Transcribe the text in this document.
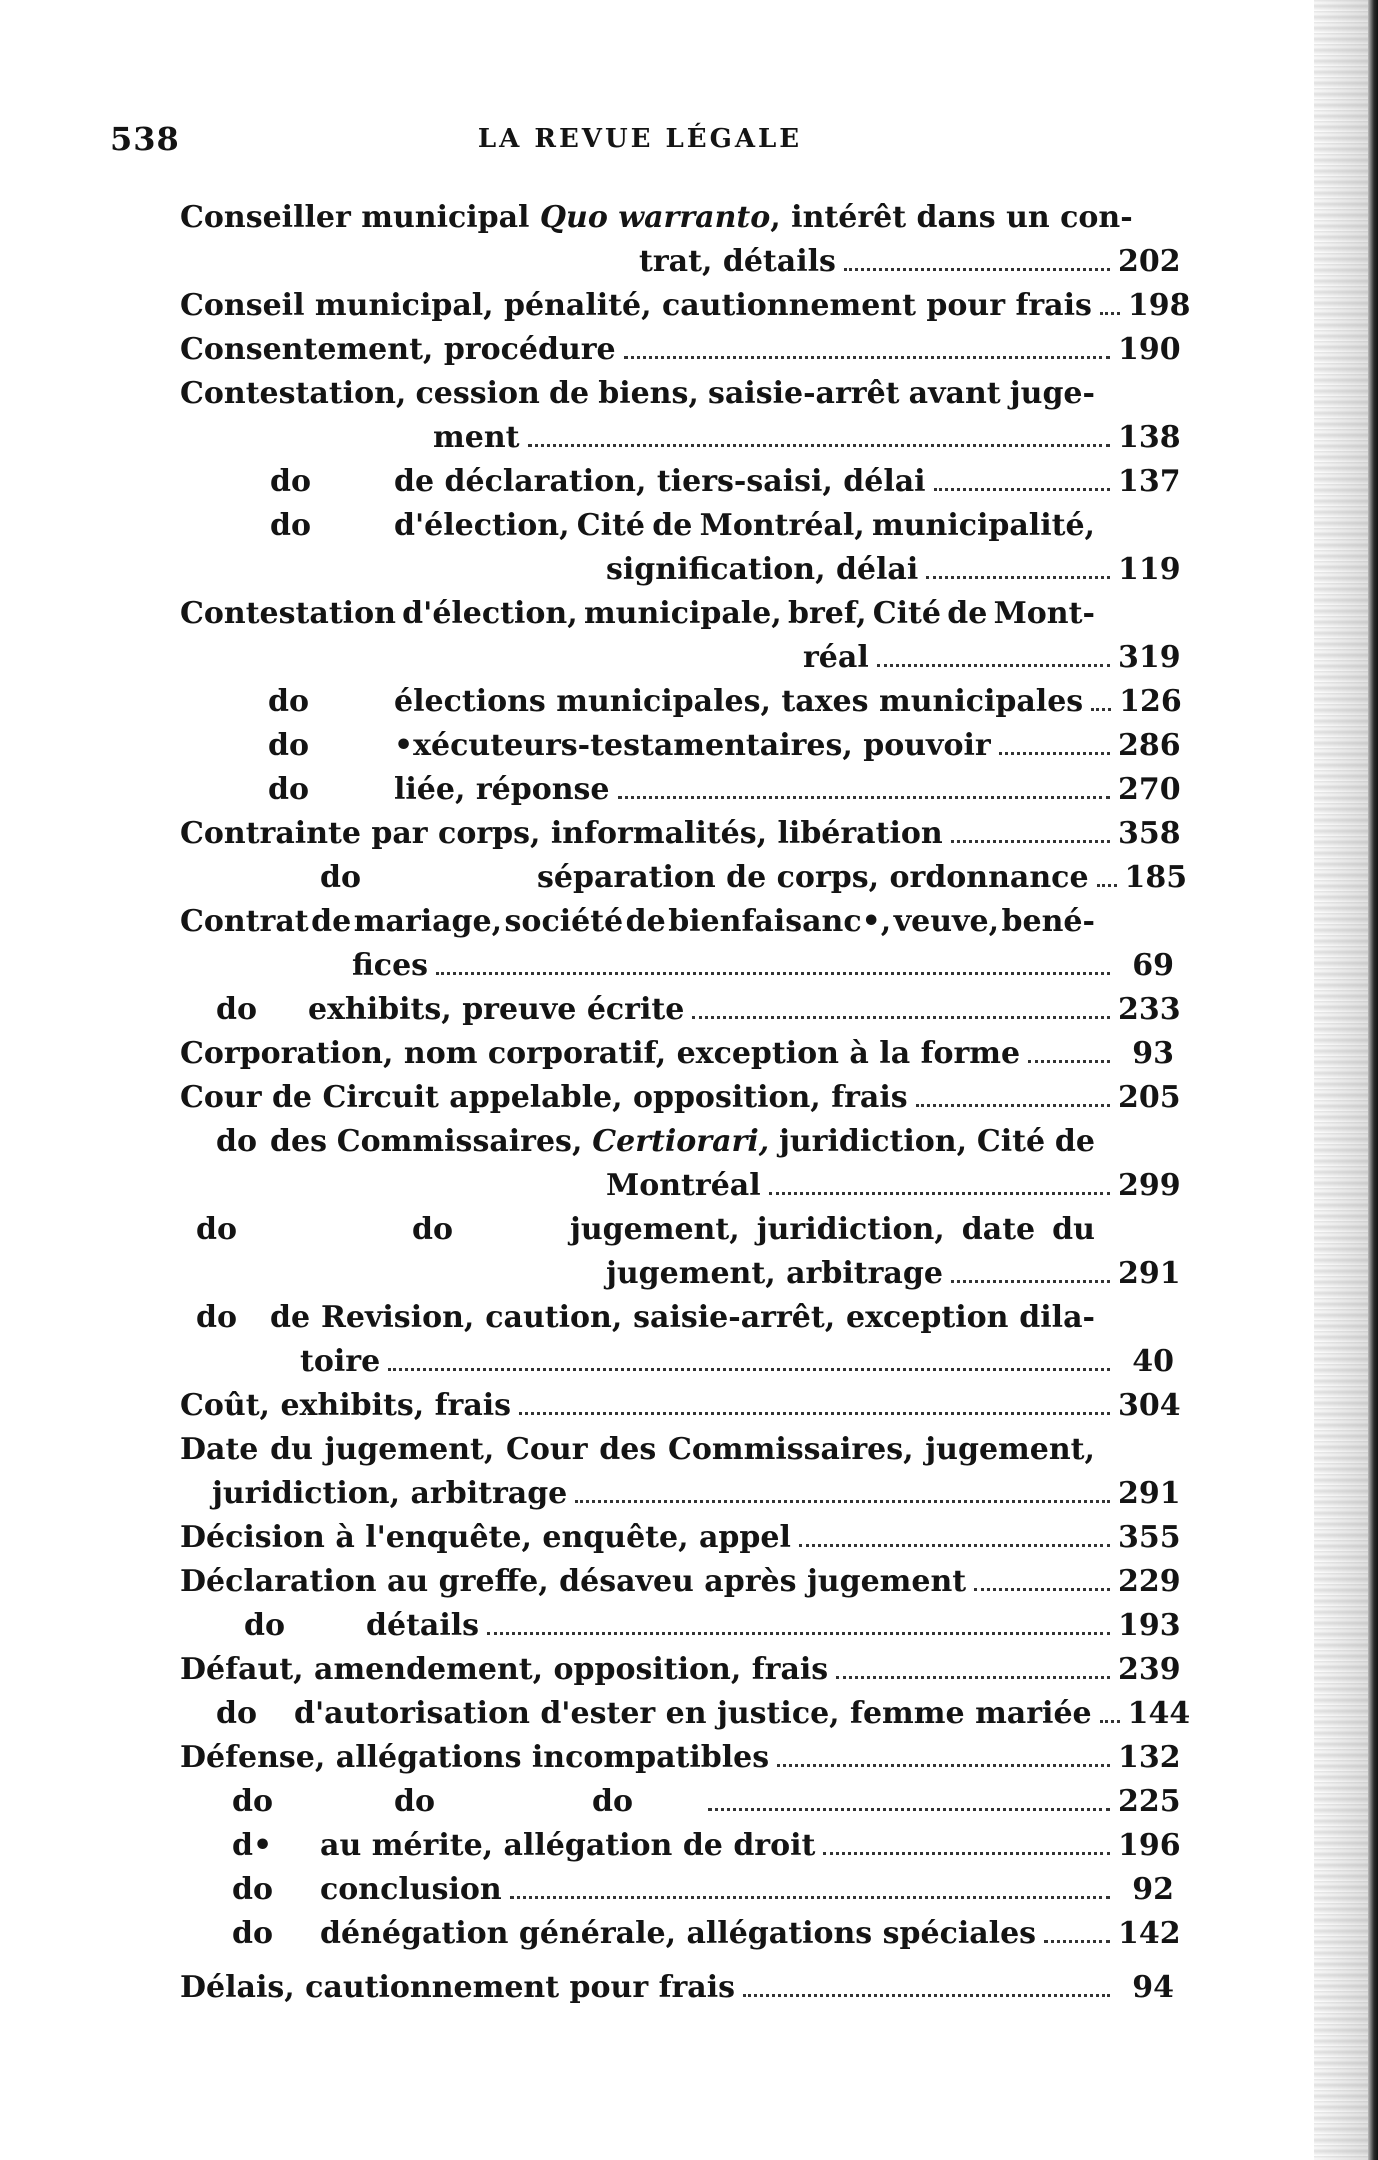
538	LA REVUE LÉGALE
Conseiller municipal Quo warranto, intérêt dans un con-
trat, détails	202
Conseil municipal, pénalité, cautionnement pour frais 198
Consentement, procédure	190
Contestation, cession de biens, saisie-arrêt avant juge-
ment	138
do	de déclaration, tiers-saisi, délai	137
do	d'élection, Cité de Montréal, municipalité,
signification, délai	119
Contestation d'élection, municipale, bref, Cité de Mont-
réal	319
do	élections municipales, taxes municipales 126
do	•xécuteurs-testamentaires, pouvoir	286
do	liée, réponse	270
Contrainte par corps, informalités, libération	358
do	séparation de corps, ordonnance 185
Contrat de mariage, société de bienfaisanc•, veuve, bené-
fices	69
do exhibits, preuve écrite	233
Corporation, nom corporatif, exception à la forme	93
Cour de Circuit appelable, opposition, frais	205
do des Commissaires, Certiorari, juridiction, Cité de
Montréal	299
do	do	jugement, juridiction, date du
jugement, arbitrage	291
do de Revision, caution, saisie-arrêt, exception dila-
toire	40
Coût, exhibits, frais	304
Date du jugement, Cour des Commissaires, jugement,
juridiction, arbitrage	291
Décision à l'enquête, enquête, appel	355
Déclaration au greffe, désaveu après jugement	229
do	détails	193
Défaut, amendement, opposition, frais	239
do d'autorisation d'ester en justice, femme mariée 144
Défense, allégations incompatibles	132
do	do	do	225
d• au mérite, allégation de droit	196
do conclusion	92
do dénégation générale, allégations spéciales	142
Délais, cautionnement pour frais	94
